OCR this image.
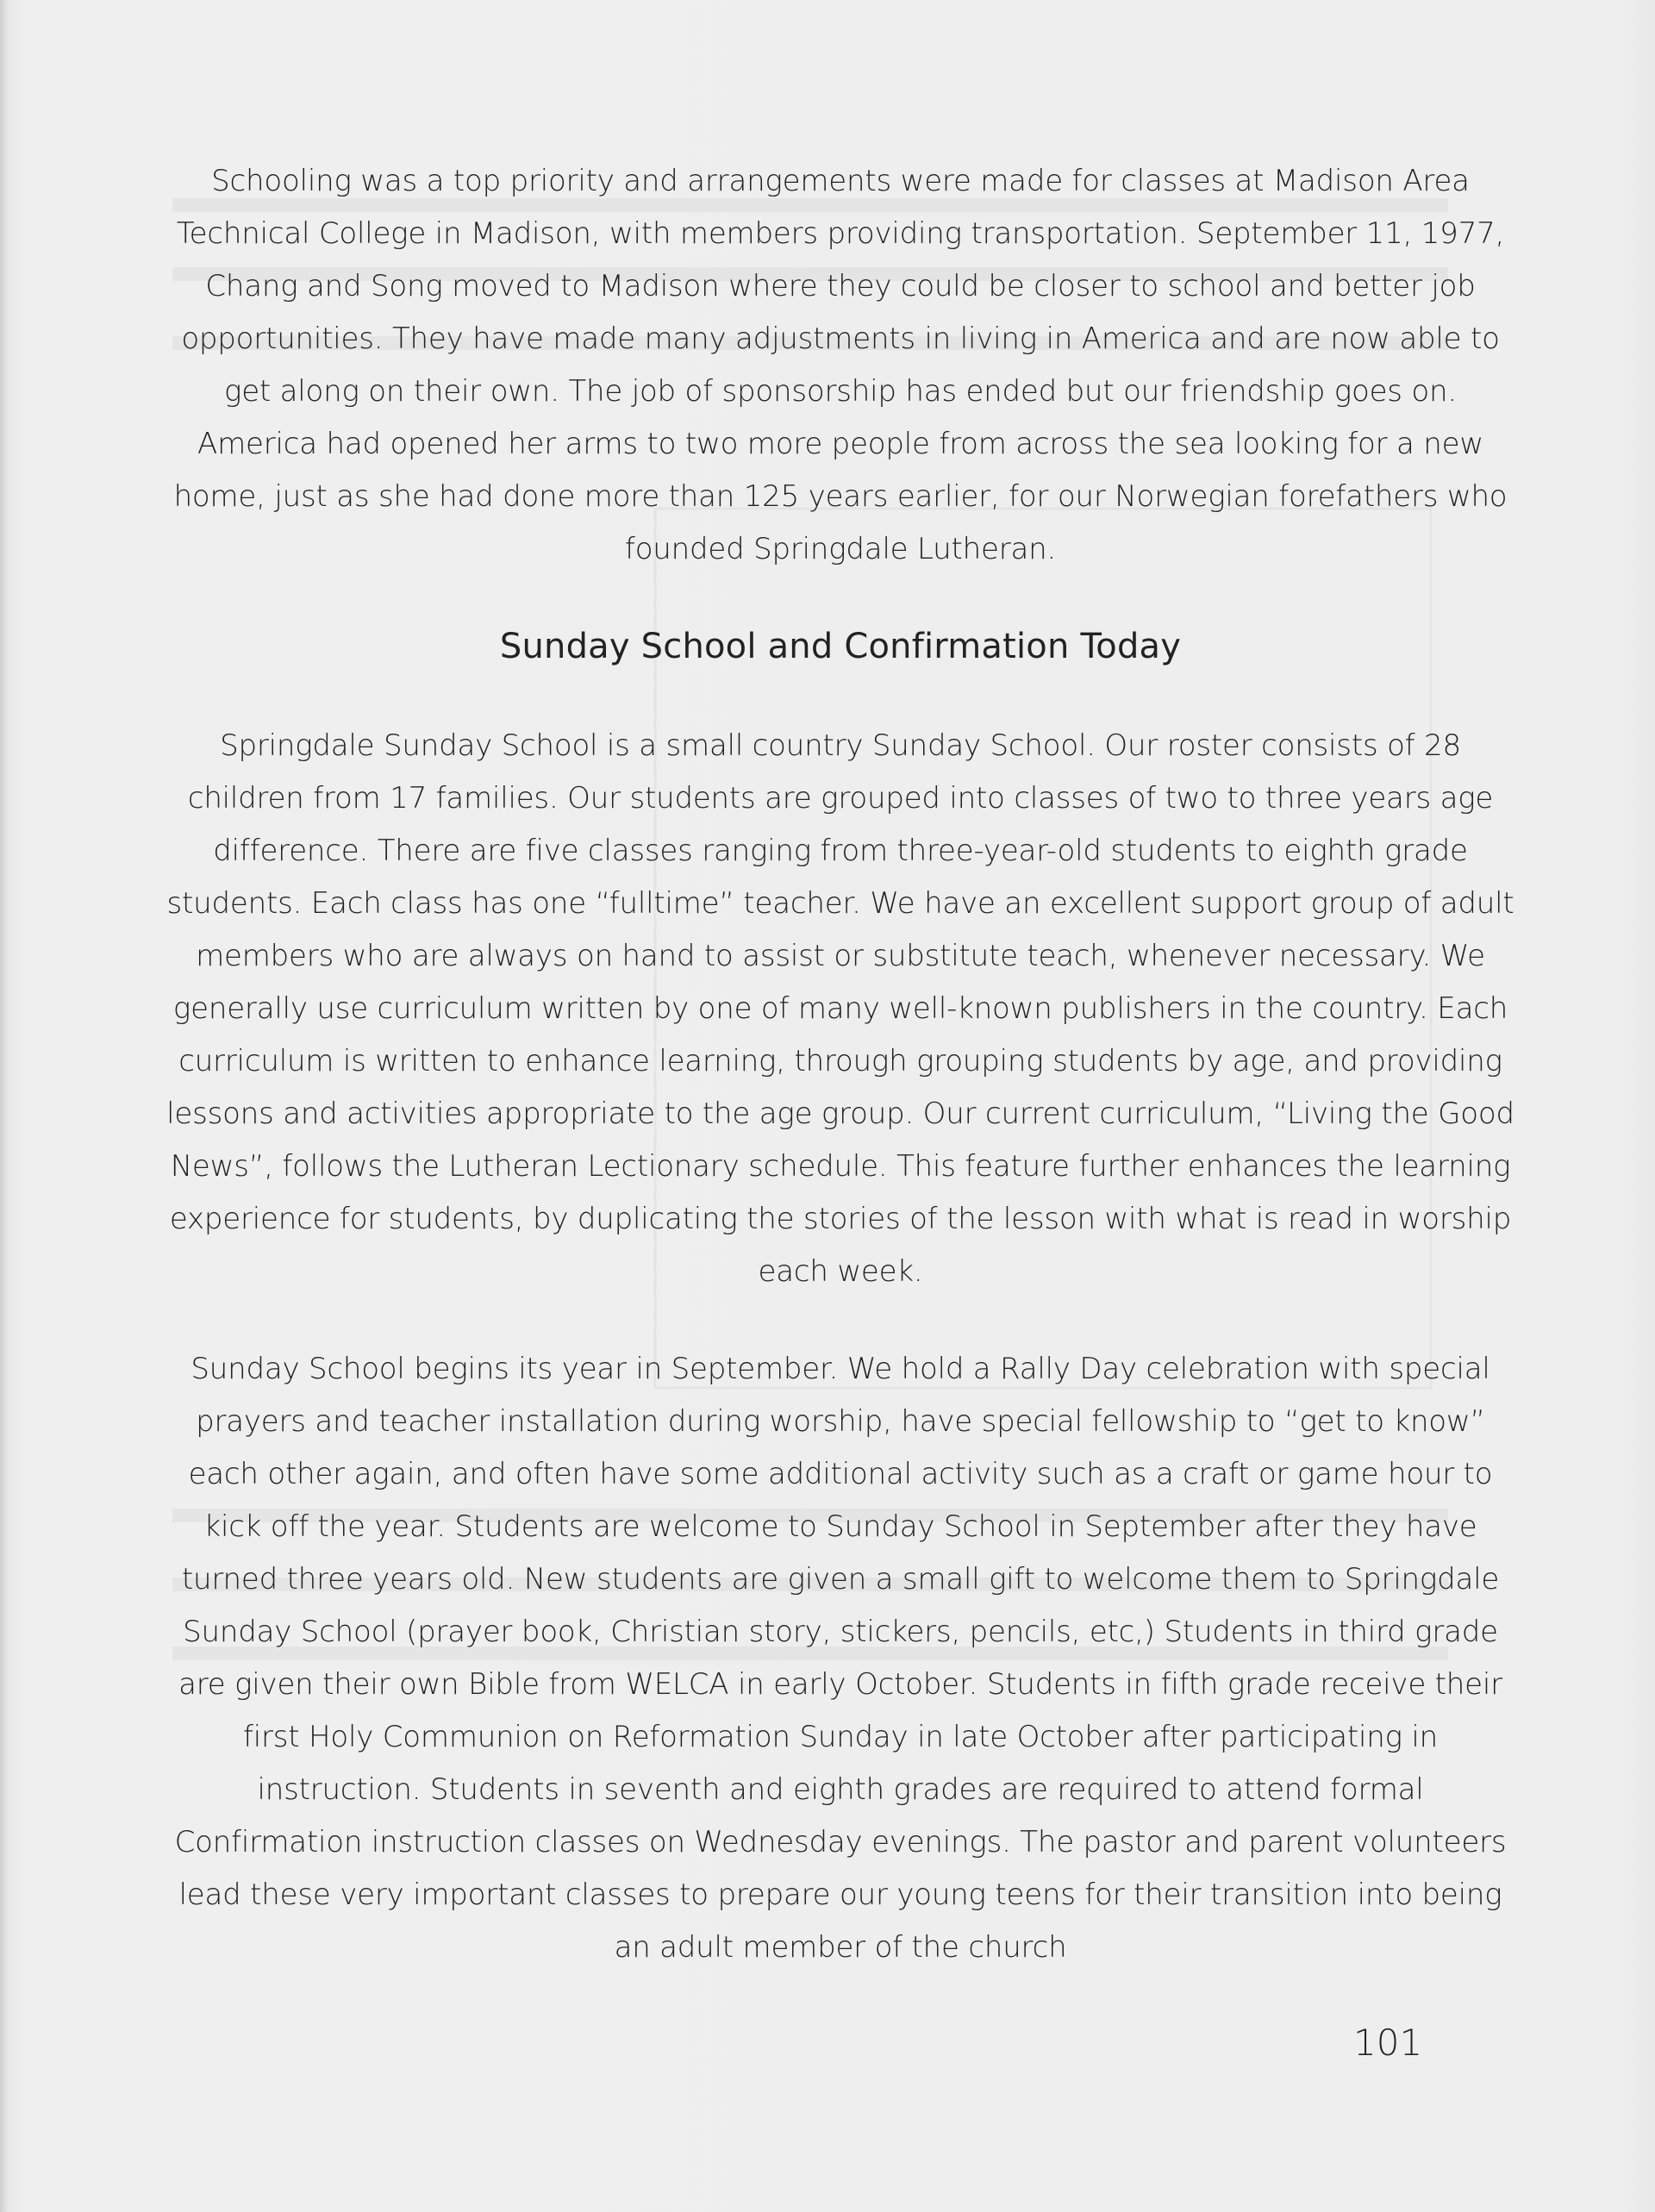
Schooling was a top priority and arrangements were made for classes at Madison Area Technical College in Madison, with members providing transportation. September 11, 1977, Chang and Song moved to Madison where they could be closer to school and better job opportunities. They have made many adjustments in living in America and are now able to get along on their own. The job of sponsorship has ended but our friendship goes on. America had opened her arms to two more people from across the sea looking for a new home, just as she had done more than 125 years earlier, for our Norwegian forefathers who founded Springdale Lutheran.

Sunday School and Confirmation Today

Springdale Sunday School is a small country Sunday School. Our roster consists of 28 children from 17 families. Our students are grouped into classes of two to three years age difference. There are five classes ranging from three-year-old students to eighth grade students. Each class has one “fulltime” teacher. We have an excellent support group of adult members who are always on hand to assist or substitute teach, whenever necessary. We generally use curriculum written by one of many well-known publishers in the country. Each curriculum is written to enhance learning, through grouping students by age, and providing lessons and activities appropriate to the age group. Our current curriculum, “Living the Good News”, follows the Lutheran Lectionary schedule. This feature further enhances the learning experience for students, by duplicating the stories of the lesson with what is read in worship each week.

Sunday School begins its year in September. We hold a Rally Day celebration with special prayers and teacher installation during worship, have special fellowship to “get to know” each other again, and often have some additional activity such as a craft or game hour to kick off the year. Students are welcome to Sunday School in September after they have turned three years old. New students are given a small gift to welcome them to Springdale Sunday School (prayer book, Christian story, stickers, pencils, etc,) Students in third grade are given their own Bible from WELCA in early October. Students in fifth grade receive their first Holy Communion on Reformation Sunday in late October after participating in instruction. Students in seventh and eighth grades are required to attend formal Confirmation instruction classes on Wednesday evenings. The pastor and parent volunteers lead these very important classes to prepare our young teens for their transition into being an adult member of the church

101
